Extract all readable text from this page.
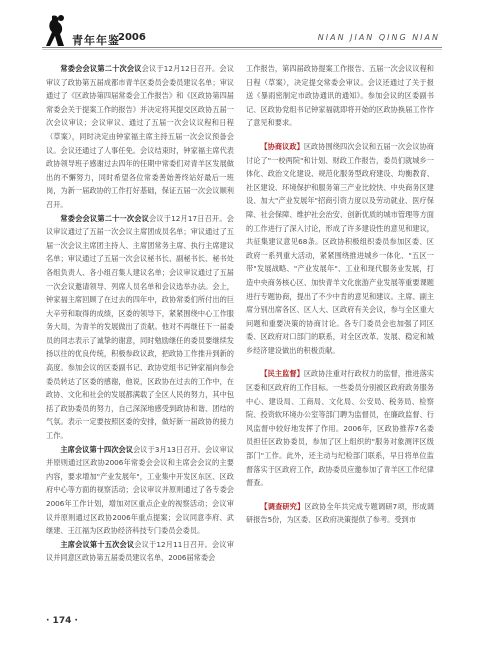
青年年鉴
2006	NIAN JIAN QING NIAN

常委会会议第二十次会议会议于12月12日召开。会议审议了政协第五届成都市青羊区委员会委员建议名单；审议通过了《区政协第四届常委会工作报告》和《区政协第四届常委会关于提案工作的报告》并决定将其提交区政协五届一次会议审议；会议审议、通过了五届一次会议议程和日程（草案），同时决定由钟家福主席主持五届一次会议预备会议。会议还通过了人事任免。会议结束时，钟家福主席代表政协领导班子感谢过去四年的任期中常委们对青羊区发展做出的不懈努力，同时希望各位常委善始善终站好最后一班岗，为新一届政协的工作打好基础，保证五届一次会议顺利召开。

常委会会议第二十一次会议会议于12月17日召开。会议审议通过了五届一次会议主席团成员名单；审议通过了五届一次会议主席团主持人、主席团常务主席、执行主席建议名单；审议通过了五届一次会议秘书长、副秘书长、秘书处各组负责人、各小组召集人建议名单；会议审议通过了五届一次会议邀请领导、列席人员名单和会议选举办法。会上，钟家福主席回顾了在过去的四年中，政协常委们所付出的巨大辛劳和取得的成绩，区委的领导下，紧紧围绕中心工作服务大局，为青羊的发展做出了贡献。他对不再继任下一届委员的同志表示了诚挚的谢意，同时勉励继任的委员要继续发扬以往的优良传统，积极参政议政，把政协工作推升到新的高度。参加会议的区委副书记、政协党组书记钟家福向参会委员转达了区委的感谢，他说，区政协在过去的工作中，在政协、文化和社会的发展都满载了全区人民的努力，其中包括了政协委员的努力，自己深深地感受到政协和谐、团结的气氛。表示一定要按照区委的安排，做好新一届政协的接力工作。

主席会议第十四次会议会议于3月13日召开。会议审议并原则通过区政协2006年常委会会议和主席会会议的主要内容，要求增加"产业发展年"，工业集中开发区东区、区政府中心等方面的视察活动；会议审议并原则通过了各专委会2006年工作计划，增加对区重点企业的视察活动；会议审议并原则通过区政协2006年重点提案；会议同意李府、武继建、王江福为区政协经济科技专门委员会委员。

主席会议第十五次会议会议于12月11日召开。会议审议并同意区政协第五届委员建议名单，2006届常委会

工作报告，第四届政协提案工作报告、五届一次会议议程和日程（草案），决定提交常委会审议。会议还通过了关于报送《暴雨密制定市政协通讯的通知》。参加会议的区委副书记、区政协党组书记钟家福就即将开始的区政协换届工作作了意见和要求。

【协商议政】区政协围绕四次会议和五届一次会议协商讨论了"一校两院"和计划、财政工作报告，委员们就城乡一体化、政治文化建设、规范化服务型政府建设、均衡教育、社区建设、环境保护和服务第三产业比较快、中央商务区建设、加大"产业发展年"招商引资力度以及劳动就业、医疗保障、社会保障、维护社会治安、创新优质的城市管理等方面的工作进行了深入讨论，形成了许多建设性的意见和建议，共征集建议意见68条。区政协积极组织委员参加区委、区政府一系列重大活动，紧紧围绕推进城乡一体化、"五区一带"发展战略、"产业发展年"、工业和现代服务业发展，打造中央商务核心区、加快青羊文化旅游产业发展等重要课题进行专题协商，提出了不少中肯的意见和建议。主席、副主席分别出席各区、区人大、区政府有关会议，参与全区重大问题和重要决策的协商讨论。各专门委员会也加强了同区委、区政府对口部门的联系，对全区改革、发展、稳定和城乡经济建设做出的积极贡献。

【民主监督】区政协注重对行政权力的监督，推进落实区委和区政府的工作目标。一些委员分别被区政府政务服务中心、建设局、工商局、文化局、公安局、税务局、检察院、投资软环境办公室等部门聘为监督员，在廉政监督、行风监督中较好地发挥了作用。2006年，区政协推荐7名委员担任区政协委员，参加了区上组织的"服务对象测评区级部门"工作。此外，还主动与纪检部门联系，早日将单位监督落实于区政府工作，政协委员应邀参加了青羊区工作纪律督查。

【调查研究】区政协全年共完成专题调研7项，形成调研报告5份，为区委、区政府决策提供了参考。受到市

· 174 ·
